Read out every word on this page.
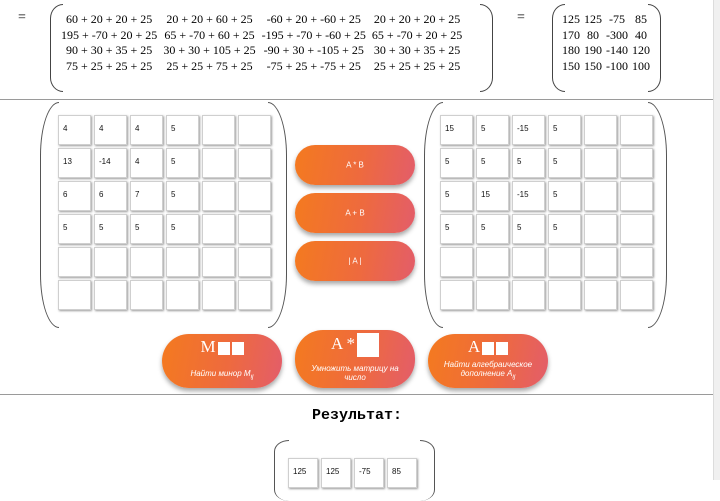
=	60 + 20 + 20 + 25	20 + 20 + 60 + 25	-60 + 20 + -60 + 25	20 + 20 + 20 + 25
195 + -70 + 20 + 25	65 + -70 + 60 + 25	-195 + -70 + -60 + 25	65 + -70 + 20 + 25
90 + 30 + 35 + 25	30 + 30 + 105 + 25	-90 + 30 + -105 + 25	30 + 30 + 35 + 25
75 + 25 + 25 + 25	25 + 25 + 75 + 25	-75 + 25 + -75 + 25	25 + 25 + 25 + 25
=	125	125	-75	85
170	80	-300	40
180	190	-140	120
150	150	-100	100
4	4	4	5
13	-14	4	5
6	6	7	5
5	5	5	5
15	5	-15	5
5	5	5	5
5	15	-15	5
5	5	5	5
A * B
A + B
| A |
M
Найти минор $M_{ij}$
A *
Умножить матрицу на число
A
Найти алгебраическое дополнение $A_{ij}$
Результат:
125	125	-75	85
